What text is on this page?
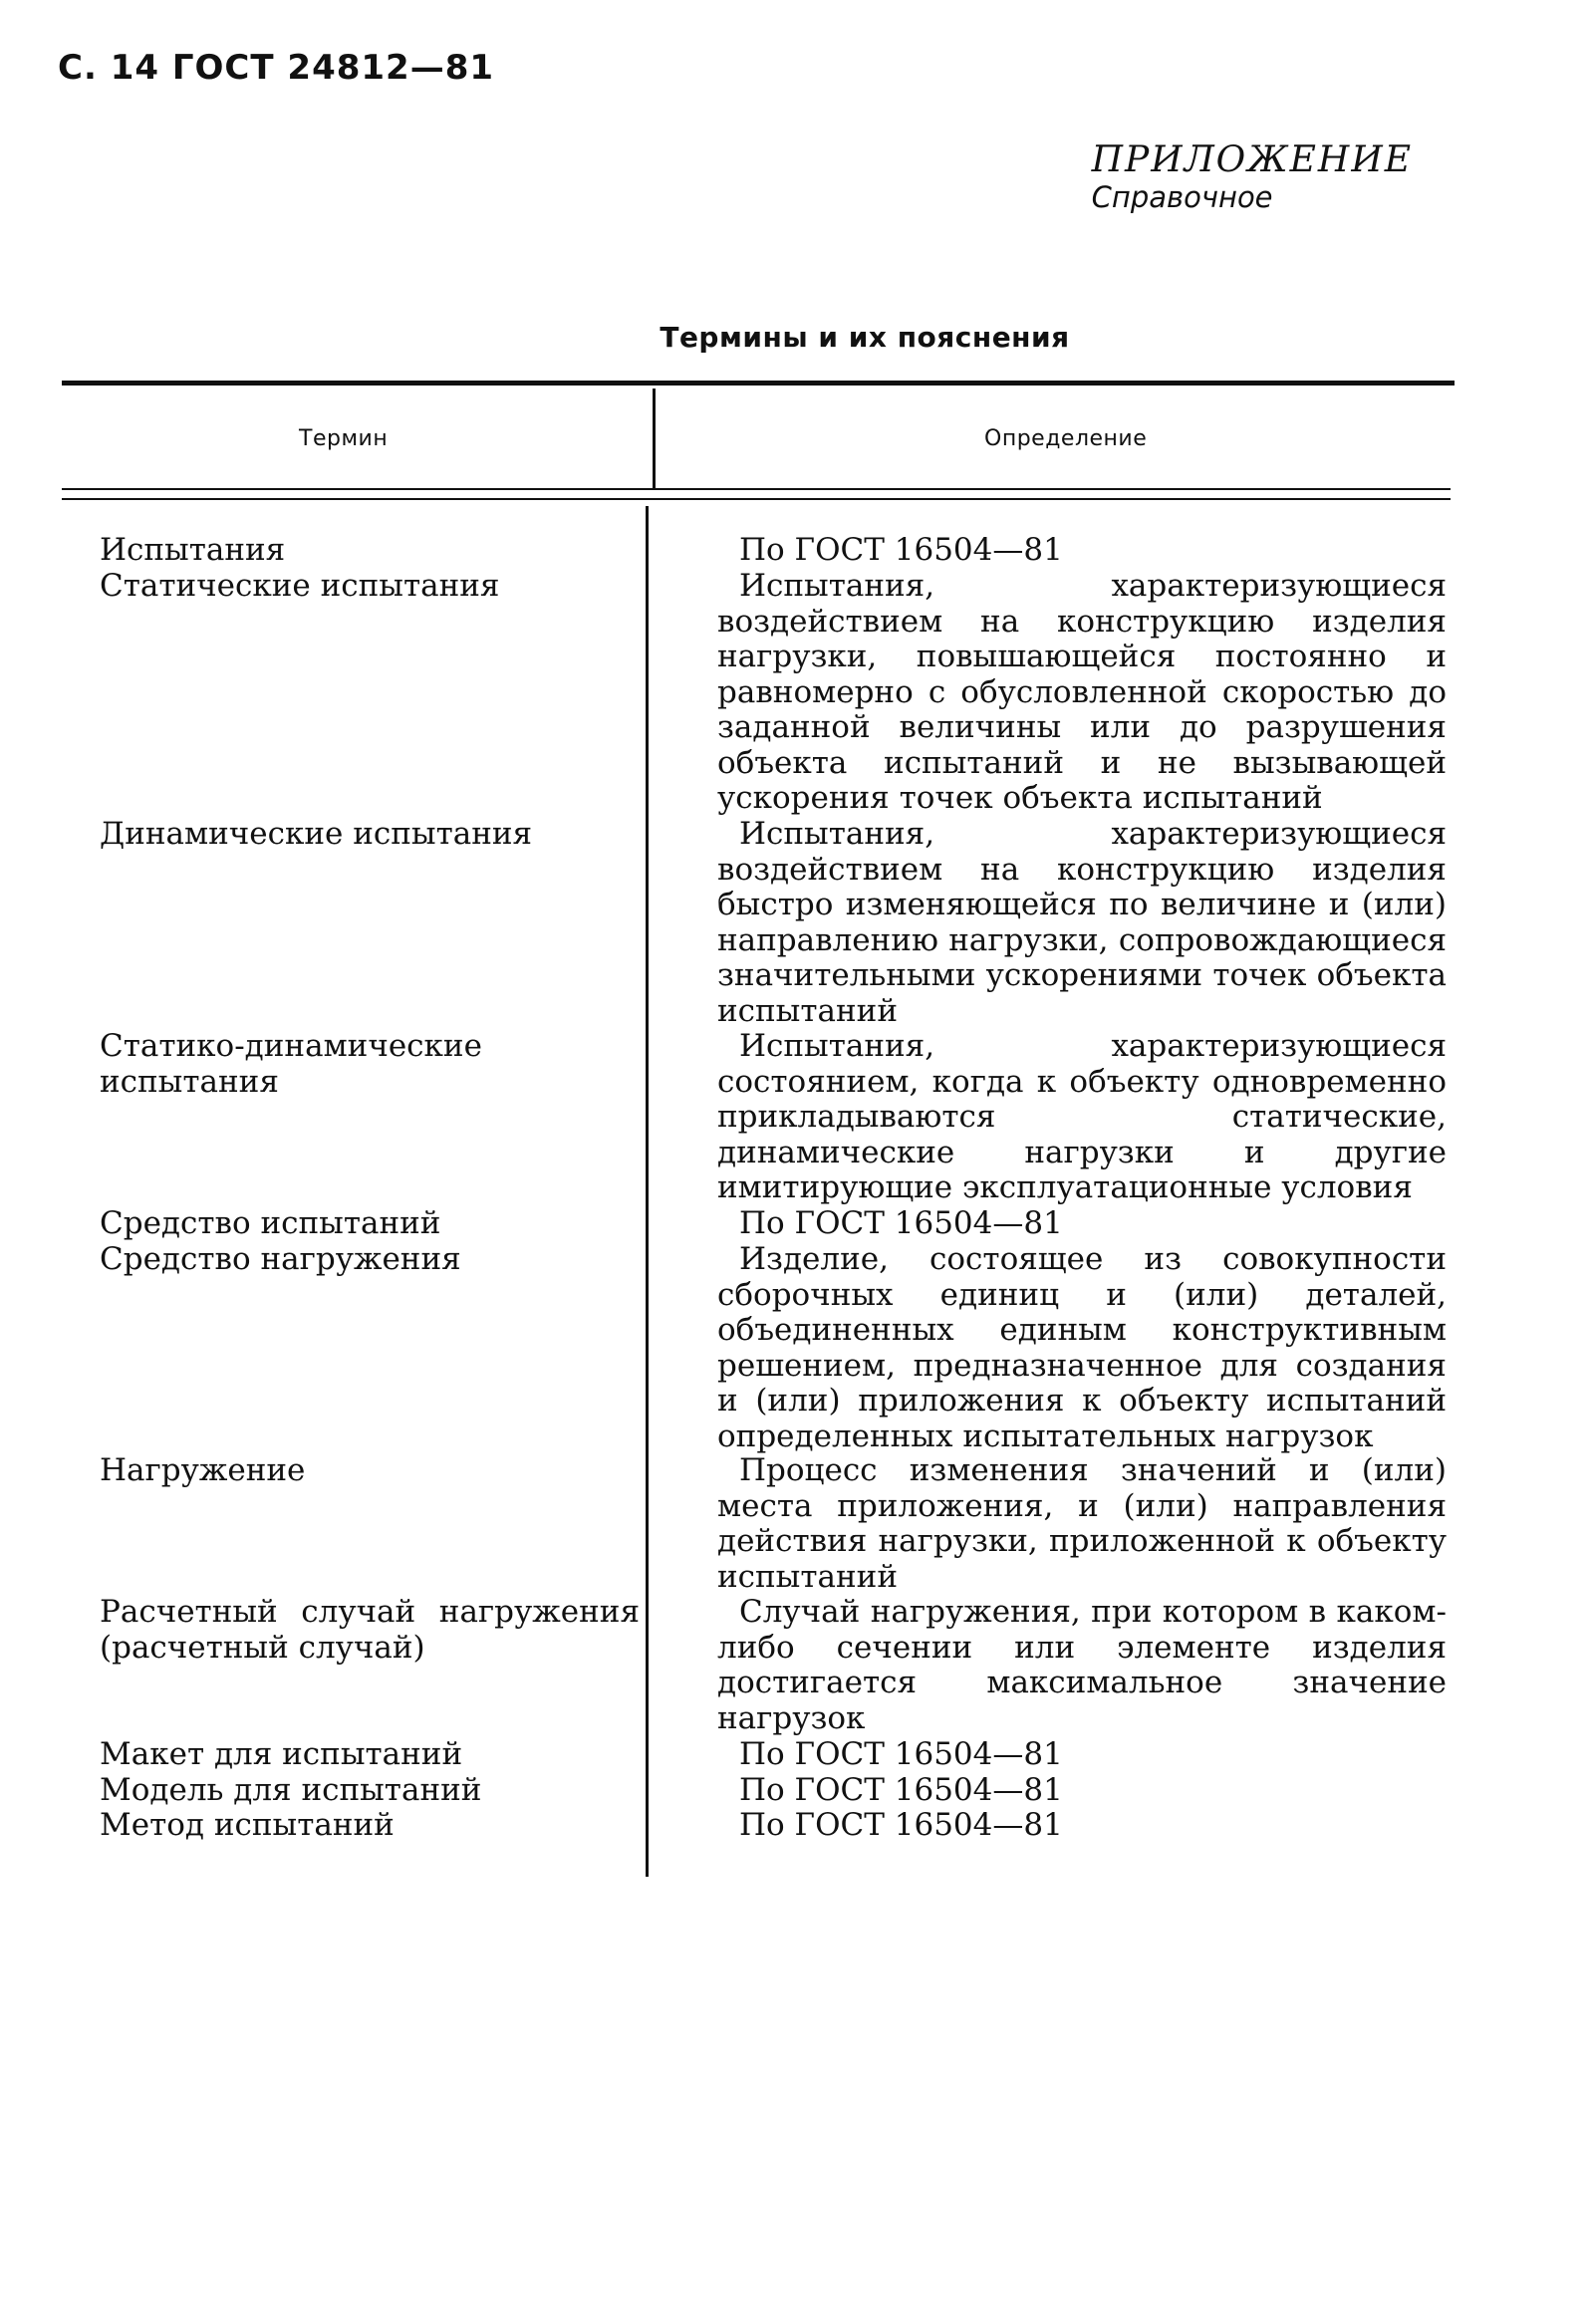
С. 14 ГОСТ 24812—81
ПРИЛОЖЕНИЕ
Справочное
Термины и их пояснения
Термин	Определение
Испытания
Статические испытания
Динамические испытания
Статико-динамические испытания
Средство испытаний
Средство нагружения
Нагружение
Расчетный случай нагружения (расчетный случай)
Макет для испытаний
Модель для испытаний
Метод испытаний
По ГОСТ 16504—81
Испытания, характеризующиеся воздействием на конструкцию изделия нагрузки, повышающейся постоянно и равномерно с обусловленной скоростью до заданной величины или до разрушения объекта испытаний и не вызывающей ускорения точек объекта испытаний
Испытания, характеризующиеся воздействием на конструкцию изделия быстро изменяющейся по величине и (или) направлению нагрузки, сопровождающиеся значительными ускорениями точек объекта испытаний
Испытания, характеризующиеся состоянием, когда к объекту одновременно прикладываются статические, динамические нагрузки и другие имитирующие эксплуатационные условия
По ГОСТ 16504—81
Изделие, состоящее из совокупности сборочных единиц и (или) деталей, объединенных единым конструктивным решением, предназначенное для создания и (или) приложения к объекту испытаний определенных испытательных нагрузок
Процесс изменения значений и (или) места приложения, и (или) направления действия нагрузки, приложенной к объекту испытаний
Случай нагружения, при котором в каком-либо сечении или элементе изделия достигается максимальное значение нагрузок
По ГОСТ 16504—81
По ГОСТ 16504—81
По ГОСТ 16504—81
